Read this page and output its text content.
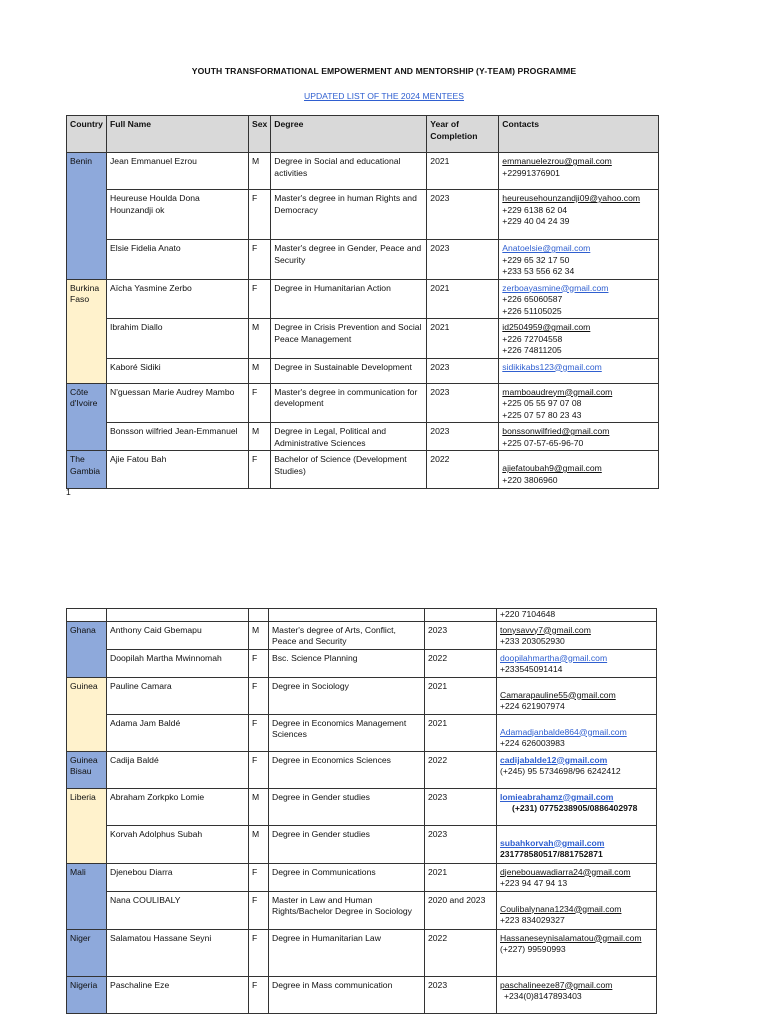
YOUTH TRANSFORMATIONAL EMPOWERMENT AND MENTORSHIP (Y-TEAM) PROGRAMME
UPDATED LIST OF THE 2024 MENTEES
Country	Full Name	Sex	Degree	Year of Completion	Contacts
Benin	Jean Emmanuel Ezrou	M	Degree in Social and educational activities	2021	emmanuelezrou@gmail.com
+22991376901

	Heureuse Houlda Dona Hounzandji ok	F	Master's degree in human Rights and Democracy	2023	heureusehounzandji09@yahoo.com
+229 6138 62 04
+229 40 04 24 39

	Elsie Fidelia Anato	F	Master's degree in Gender, Peace and Security	2023	Anatoelsie@gmail.com
+229 65 32 17 50
+233 53 556 62 34

Burkina Faso	Aïcha Yasmine Zerbo	F	Degree in Humanitarian Action	2021	zerboayasmine@gmail.com
+226 65060587
+226 51105025

	Ibrahim Diallo	M	Degree in Crisis Prevention and Social Peace Management	2021	id2504959@gmail.com
+226 72704558
+226 74811205

	Kaboré Sidiki	M	Degree in Sustainable Development	2023	sidikikabs123@gmail.com

Côte d'Ivoire	N'guessan Marie Audrey Mambo	F	Master's degree in communication for development	2023	mamboaudreym@gmail.com
+225 05 55 97 07 08
+225 07 57 80 23 43

	Bonsson wilfried Jean-Emmanuel	M	Degree in Legal, Political and Administrative Sciences	2023	bonssonwilfried@gmail.com
+225 07-57-65-96-70

The Gambia	Ajie Fatou Bah	F	Bachelor of Science (Development Studies)	2022	ajiefatoubah9@gmail.com
+220 3806960
1

					+220 7104648

Ghana	Anthony Caid Gbemapu	M	Master's degree of Arts, Conflict, Peace and Security	2023	tonysavvy7@gmail.com
+233 203052930

	Doopilah Martha Mwinnomah	F	Bsc. Science Planning	2022	doopilahmartha@gmail.com
+233545091414

Guinea	Pauline Camara	F	Degree in Sociology	2021	Camarapauline55@gmail.com
+224 621907974

	Adama Jam Baldé	F	Degree in Economics Management Sciences	2021	Adamadjanbalde864@gmail.com
+224 626003983

Guinea Bisau	Cadija Baldé	F	Degree in Economics Sciences	2022	cadijabalde12@gmail.com
(+245) 95 5734698/96 6242412

Liberia	Abraham Zorkpko Lomie	M	Degree in Gender studies	2023	lomieabrahamz@gmail.com
(+231) 0775238905/0886402978

	Korvah Adolphus Subah	M	Degree in Gender studies	2023	subahkorvah@gmail.com
231778580517/881752871

Mali	Djenebou Diarra	F	Degree in Communications	2021	djenebouawadiarra24@gmail.com
+223 94 47 94 13

	Nana COULIBALY	F	Master in Law and Human Rights/Bachelor Degree in Sociology	2020 and 2023	Coulibalynana1234@gmail.com
+223 834029327

Niger	Salamatou Hassane Seyni	F	Degree in Humanitarian Law	2022	Hassaneseynisalamatou@gmail.com
(+227) 99590993

Nigeria	Paschaline Eze	F	Degree in Mass communication	2023	paschalineeze87@gmail.com
+234(0)8147893403
